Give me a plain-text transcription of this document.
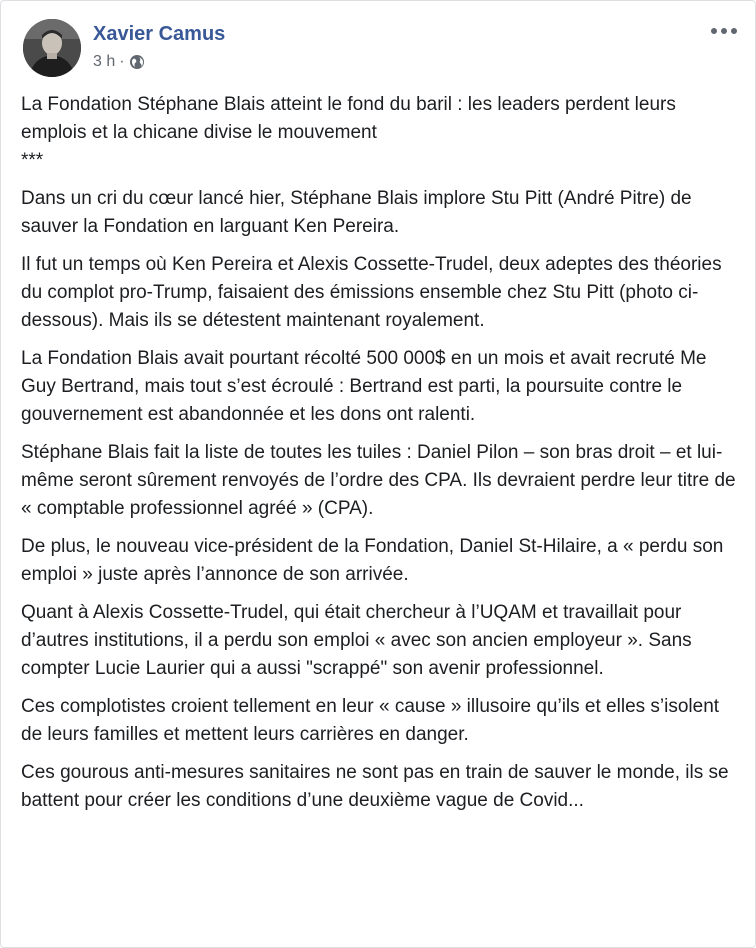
Xavier Camus
3 h ·

La Fondation Stéphane Blais atteint le fond du baril : les leaders perdent leurs emplois et la chicane divise le mouvement

***

Dans un cri du cœur lancé hier, Stéphane Blais implore Stu Pitt (André Pitre) de sauver la Fondation en larguant Ken Pereira.

Il fut un temps où Ken Pereira et Alexis Cossette-Trudel, deux adeptes des théories du complot pro-Trump, faisaient des émissions ensemble chez Stu Pitt (photo ci-dessous). Mais ils se détestent maintenant royalement.

La Fondation Blais avait pourtant récolté 500 000$ en un mois et avait recruté Me Guy Bertrand, mais tout s’est écroulé : Bertrand est parti, la poursuite contre le gouvernement est abandonnée et les dons ont ralenti.

Stéphane Blais fait la liste de toutes les tuiles : Daniel Pilon – son bras droit – et lui-même seront sûrement renvoyés de l’ordre des CPA. Ils devraient perdre leur titre de « comptable professionnel agréé » (CPA).

De plus, le nouveau vice-président de la Fondation, Daniel St-Hilaire, a « perdu son emploi » juste après l’annonce de son arrivée.

Quant à Alexis Cossette-Trudel, qui était chercheur à l’UQAM et travaillait pour d’autres institutions, il a perdu son emploi « avec son ancien employeur ». Sans compter Lucie Laurier qui a aussi "scrappé" son avenir professionnel.

Ces complotistes croient tellement en leur « cause » illusoire qu’ils et elles s’isolent de leurs familles et mettent leurs carrières en danger.

Ces gourous anti-mesures sanitaires ne sont pas en train de sauver le monde, ils se battent pour créer les conditions d’une deuxième vague de Covid...
